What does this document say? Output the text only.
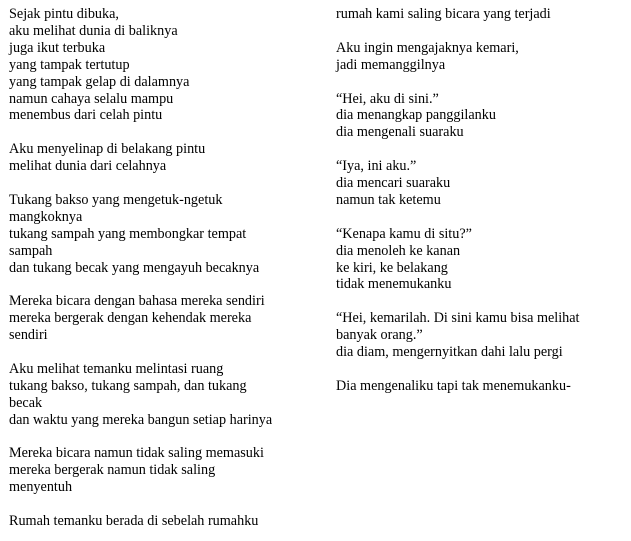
Sejak pintu dibuka,
aku melihat dunia di baliknya
juga ikut terbuka
yang tampak tertutup
yang tampak gelap di dalamnya
namun cahaya selalu mampu
menembus dari celah pintu
Aku menyelinap di belakang pintu
melihat dunia dari celahnya
Tukang bakso yang mengetuk-ngetuk
mangkoknya
tukang sampah yang membongkar tempat
sampah
dan tukang becak yang mengayuh becaknya
Mereka bicara dengan bahasa mereka sendiri
mereka bergerak dengan kehendak mereka
sendiri
Aku melihat temanku melintasi ruang
tukang bakso, tukang sampah, dan tukang
becak
dan waktu yang mereka bangun setiap harinya
Mereka bicara namun tidak saling memasuki
mereka bergerak namun tidak saling
menyentuh
Rumah temanku berada di sebelah rumahku
rumah kami saling bicara yang terjadi
Aku ingin mengajaknya kemari,
jadi memanggilnya
“Hei, aku di sini.”
dia menangkap panggilanku
dia mengenali suaraku
“Iya, ini aku.”
dia mencari suaraku
namun tak ketemu
“Kenapa kamu di situ?”
dia menoleh ke kanan
ke kiri, ke belakang
tidak menemukanku
“Hei, kemarilah. Di sini kamu bisa melihat
banyak orang.”
dia diam, mengernyitkan dahi lalu pergi
Dia mengenaliku tapi tak menemukanku-
